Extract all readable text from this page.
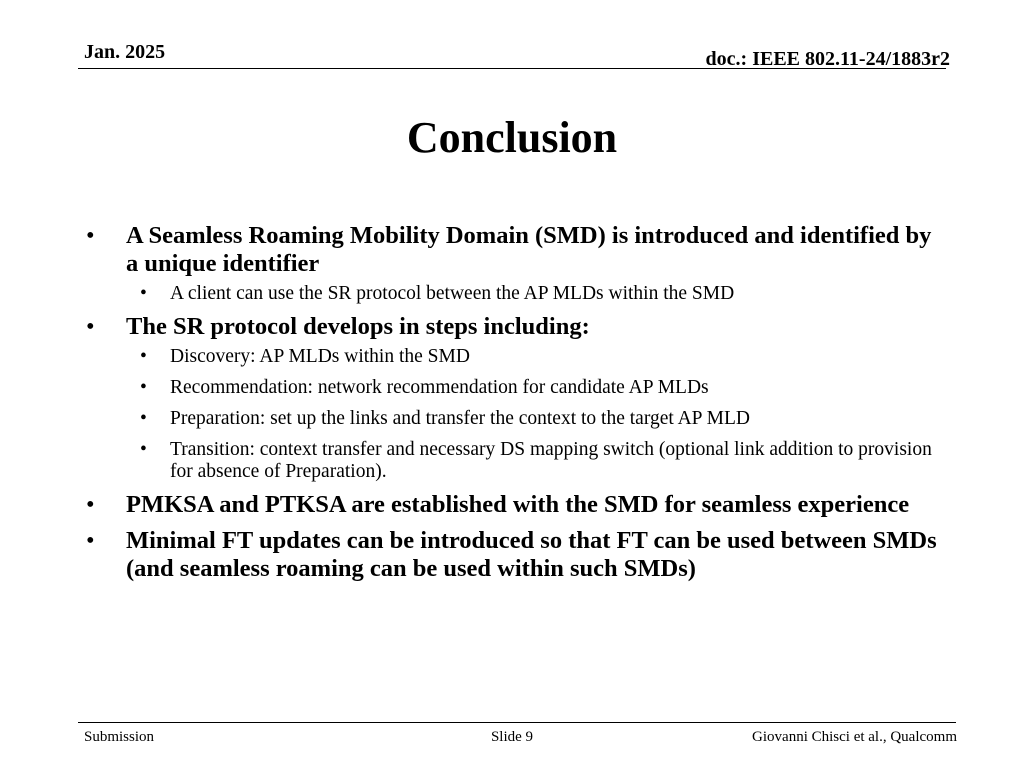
Jan. 2025	doc.: IEEE 802.11-24/1883r2
Conclusion
• A Seamless Roaming Mobility Domain (SMD) is introduced and identified by a unique identifier
• A client can use the SR protocol between the AP MLDs within the SMD
• The SR protocol develops in steps including:
• Discovery: AP MLDs within the SMD
• Recommendation: network recommendation for candidate AP MLDs
• Preparation: set up the links and transfer the context to the target AP MLD
• Transition: context transfer and necessary DS mapping switch (optional link addition to provision for absence of Preparation).
• PMKSA and PTKSA are established with the SMD for seamless experience
• Minimal FT updates can be introduced so that FT can be used between SMDs (and seamless roaming can be used within such SMDs)
Submission	Slide 9	Giovanni Chisci et al., Qualcomm
